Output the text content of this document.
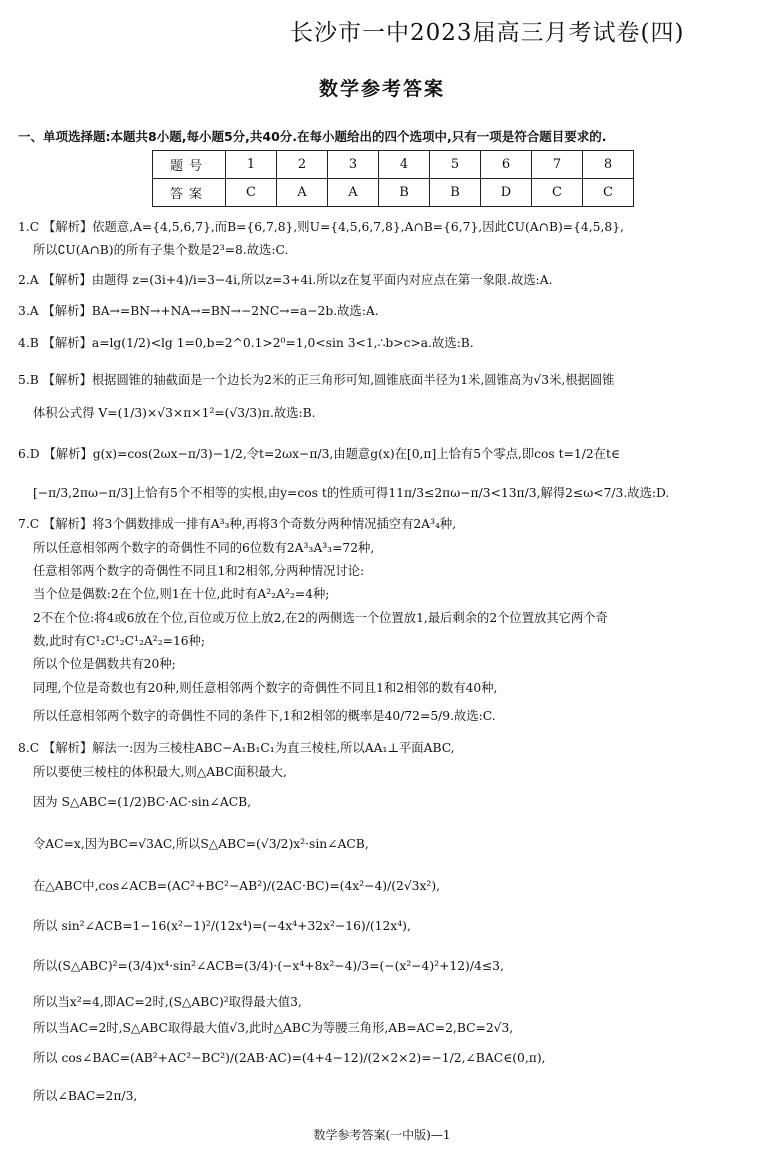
长沙市一中2023届高三月考试卷(四)
数学参考答案
一、单项选择题:本题共8小题,每小题5分,共40分.在每小题给出的四个选项中,只有一项是符合题目要求的.
题号	1	2	3	4	5	6	7	8
答案	C	A	A	B	B	D	C	C
1.C 【解析】依题意,A={4,5,6,7},而B={6,7,8},则U={4,5,6,7,8},A∩B={6,7},因此∁U(A∩B)={4,5,8},
所以∁U(A∩B)的所有子集个数是2³=8.故选:C.
2.A 【解析】由题得 z=(3i+4)/i=3−4i,所以z=3+4i.所以z在复平面内对应点在第一象限.故选:A.
3.A 【解析】BA→=BN→+NA→=BN→−2NC→=a−2b.故选:A.
4.B 【解析】a=lg(1/2)<lg 1=0,b=2^0.1>2⁰=1,0<sin 3<1,∴b>c>a.故选:B.
5.B 【解析】根据圆锥的轴截面是一个边长为2米的正三角形可知,圆锥底面半径为1米,圆锥高为√3米,根据圆锥
体积公式得 V=(1/3)×√3×π×1²=(√3/3)π.故选:B.
6.D 【解析】g(x)=cos(2ωx−π/3)−1/2,令t=2ωx−π/3,由题意g(x)在[0,π]上恰有5个零点,即cos t=1/2在t∈
[−π/3,2πω−π/3]上恰有5个不相等的实根,由y=cos t的性质可得11π/3≤2πω−π/3<13π/3,解得2≤ω<7/3.故选:D.
7.C 【解析】将3个偶数排成一排有A³₃种,再将3个奇数分两种情况插空有2A³₄种,
所以任意相邻两个数字的奇偶性不同的6位数有2A³₃A³₃=72种,
任意相邻两个数字的奇偶性不同且1和2相邻,分两种情况讨论:
当个位是偶数:2在个位,则1在十位,此时有A²₂A²₂=4种;
2不在个位:将4或6放在个位,百位或万位上放2,在2的两侧选一个位置放1,最后剩余的2个位置放其它两个奇
数,此时有C¹₂C¹₂C¹₂A²₂=16种;
所以个位是偶数共有20种;
同理,个位是奇数也有20种,则任意相邻两个数字的奇偶性不同且1和2相邻的数有40种,
所以任意相邻两个数字的奇偶性不同的条件下,1和2相邻的概率是40/72=5/9.故选:C.
8.C 【解析】解法一:因为三棱柱ABC−A₁B₁C₁为直三棱柱,所以AA₁⊥平面ABC,
所以要使三棱柱的体积最大,则△ABC面积最大,
因为 S△ABC=(1/2)BC·AC·sin∠ACB,
令AC=x,因为BC=√3AC,所以S△ABC=(√3/2)x²·sin∠ACB,
在△ABC中,cos∠ACB=(AC²+BC²−AB²)/(2AC·BC)=(4x²−4)/(2√3x²),
所以 sin²∠ACB=1−16(x²−1)²/(12x⁴)=(−4x⁴+32x²−16)/(12x⁴),
所以(S△ABC)²=(3/4)x⁴·sin²∠ACB=(3/4)·(−x⁴+8x²−4)/3=(−(x²−4)²+12)/4≤3,
所以当x²=4,即AC=2时,(S△ABC)²取得最大值3,
所以当AC=2时,S△ABC取得最大值√3,此时△ABC为等腰三角形,AB=AC=2,BC=2√3,
所以 cos∠BAC=(AB²+AC²−BC²)/(2AB·AC)=(4+4−12)/(2×2×2)=−1/2,∠BAC∈(0,π),
所以∠BAC=2π/3,
数学参考答案(一中版)—1
